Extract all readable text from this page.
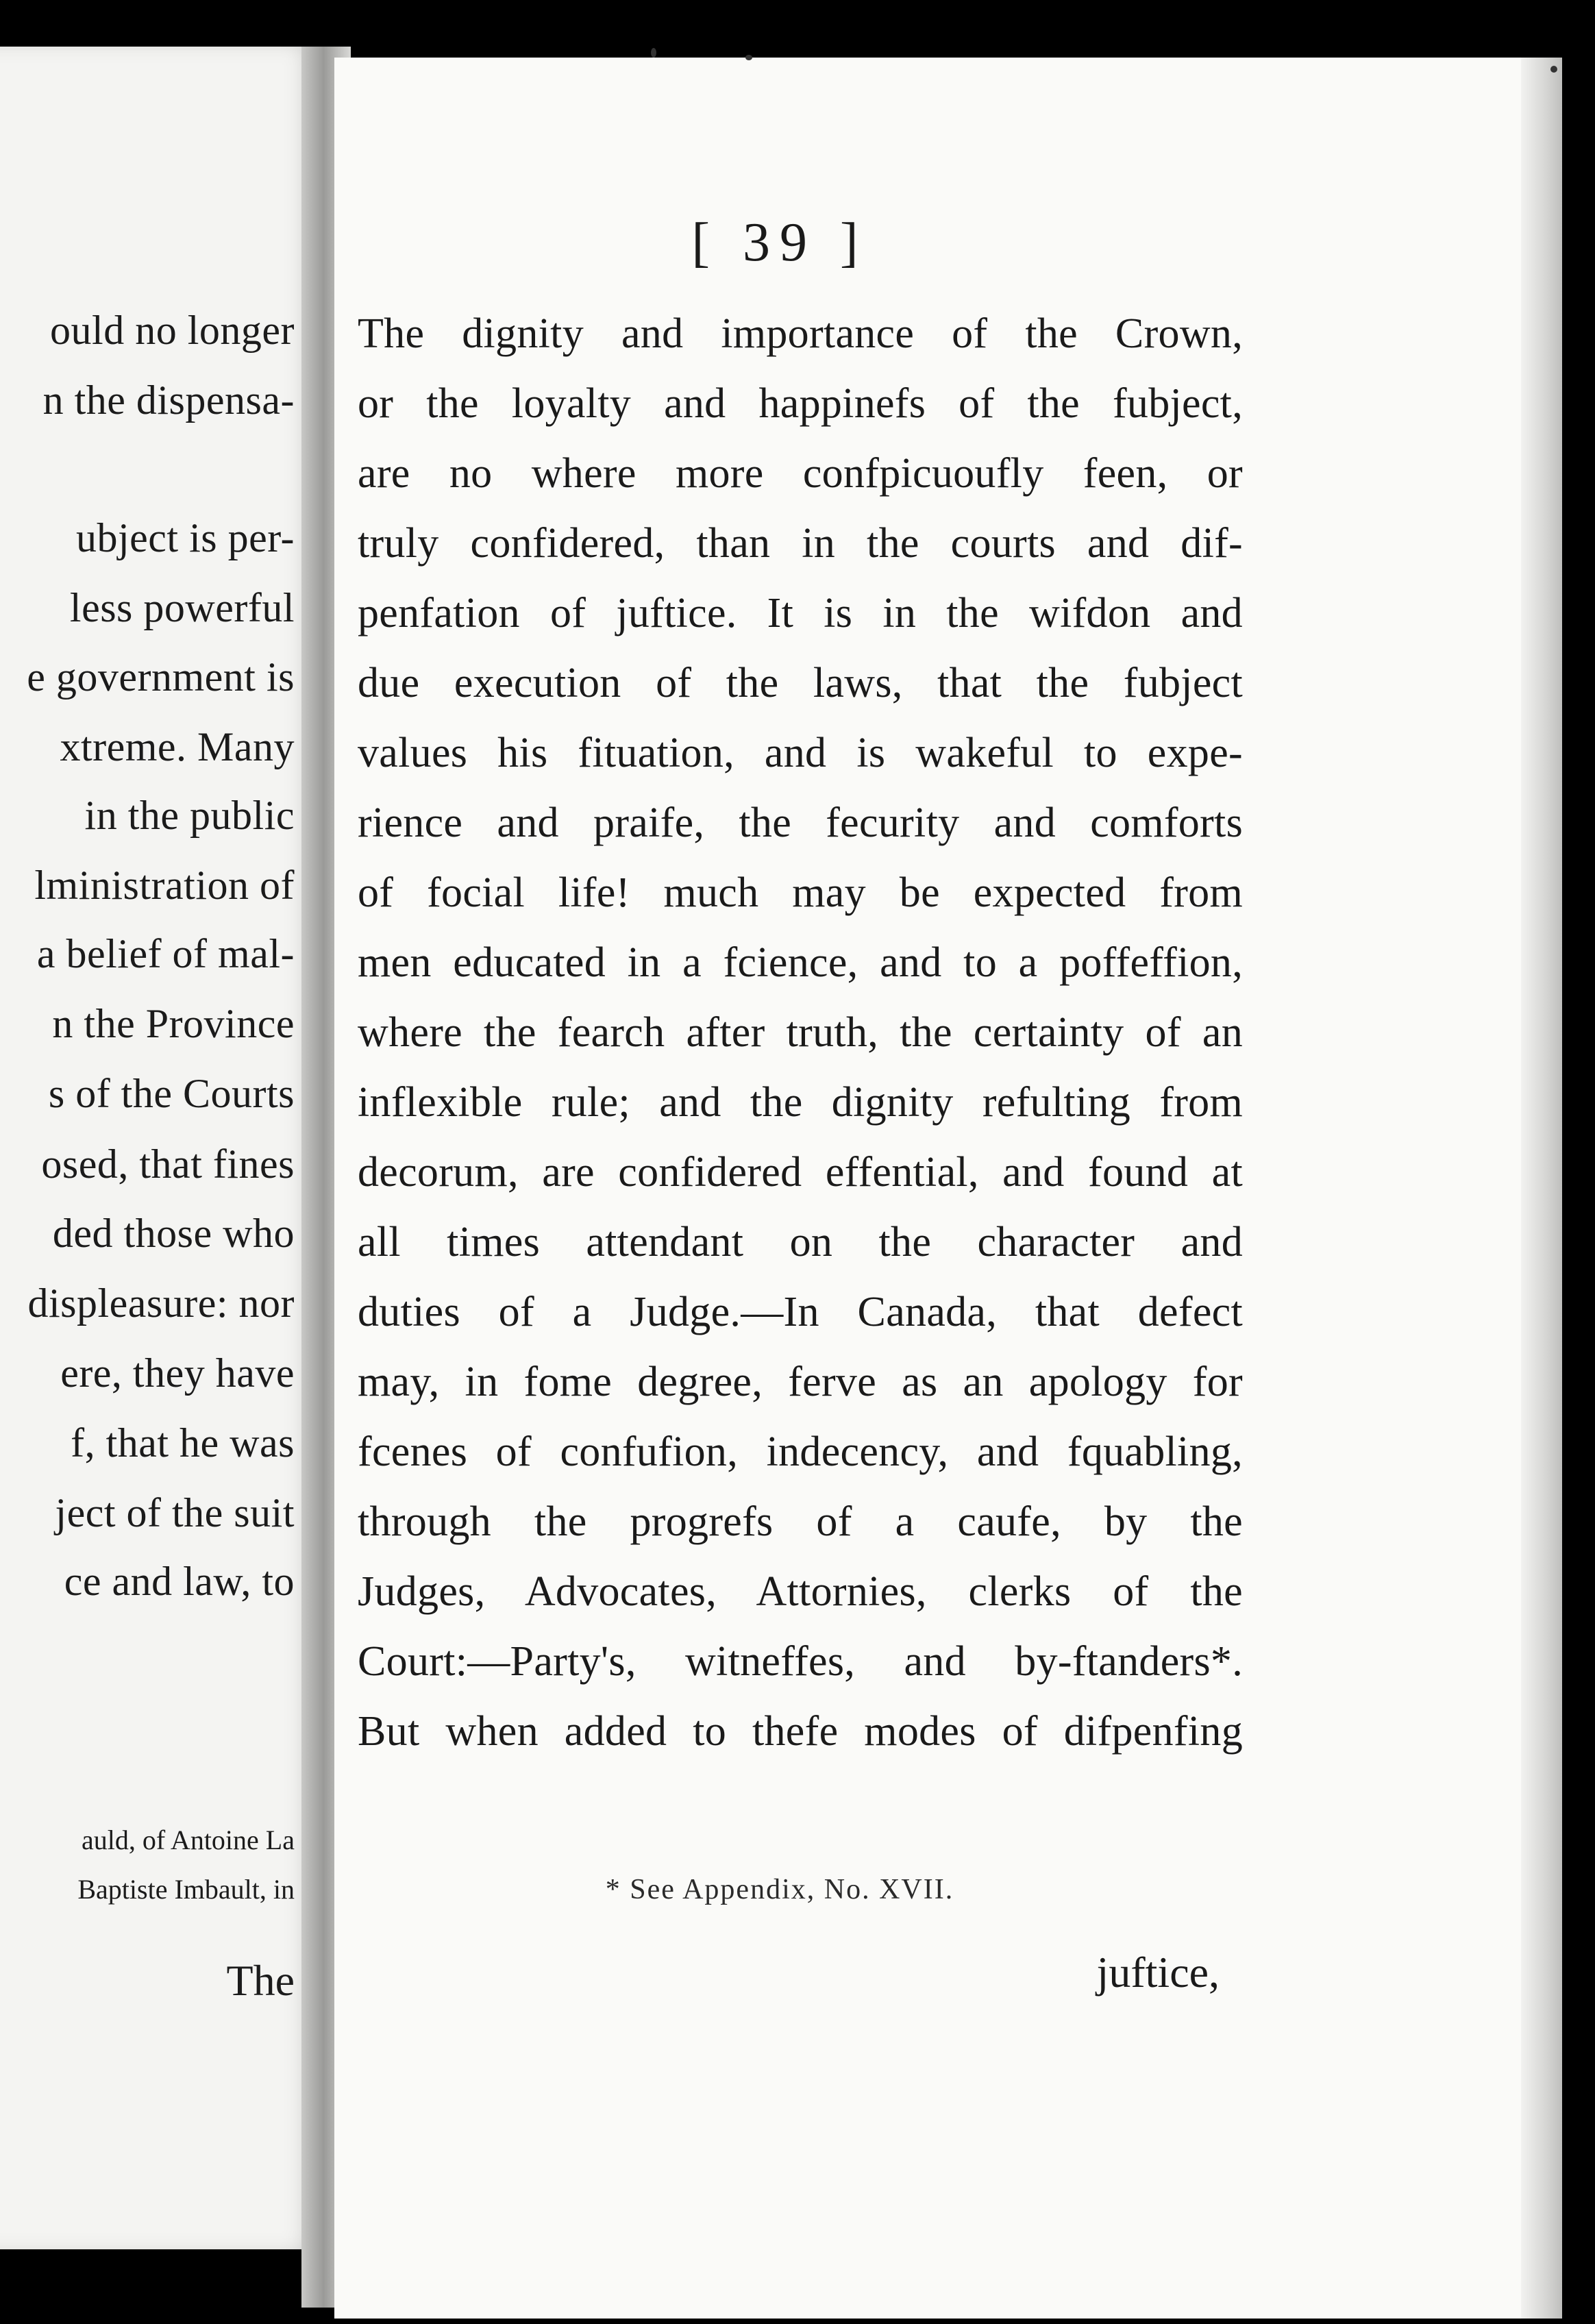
ould no longer
n the dispensa-
ubject is per-
less powerful
e government is
xtreme. Many
in the public
lministration of
a belief of mal-
n the Province
s of the Courts
osed, that fines
ded those who
displeasure: nor
ere, they have
f, that he was
ject of the suit
ce and law, to
auld, of Antoine La
Baptiste Imbault, in
The
[ 39 ]
The dignity and importance of the Crown,
or the loyalty and happinefs of the fubject,
are no where more confpicuoufly feen, or
truly confidered, than in the courts and dif-
penfation of juftice. It is in the wifdon and
due execution of the laws, that the fubject
values his fituation, and is wakeful to expe-
rience and praife, the fecurity and comforts
of focial life! much may be expected from
men educated in a fcience, and to a poffeffion,
where the fearch after truth, the certainty of an
inflexible rule; and the dignity refulting from
decorum, are confidered effential, and found at
all times attendant on the character and
duties of a Judge.—In Canada, that defect
may, in fome degree, ferve as an apology for
fcenes of confufion, indecency, and fquabling,
through the progrefs of a caufe, by the
Judges, Advocates, Attornies, clerks of the
Court:—Party's, witneffes, and by-ftanders*.
But when added to thefe modes of difpenfing
* See Appendix, No. XVII.
juftice,
